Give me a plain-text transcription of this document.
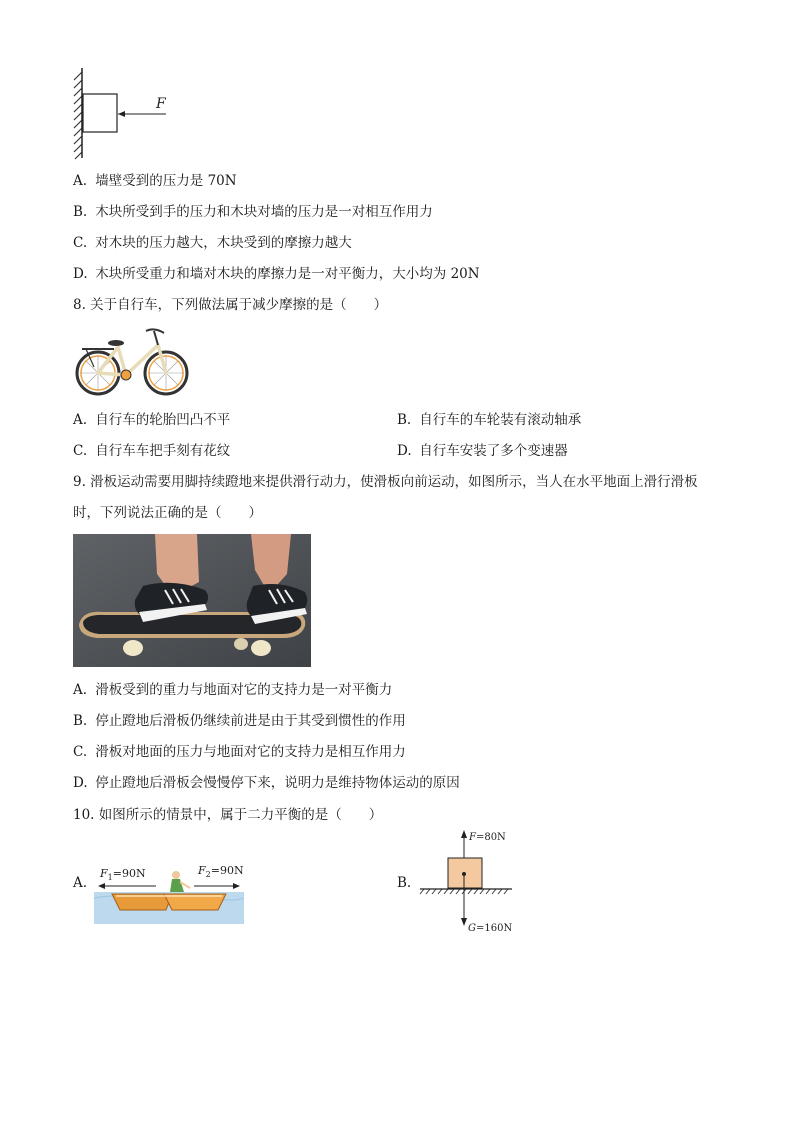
F
A. 墙壁受到的压力是 70N
B. 木块所受到手的压力和木块对墙的压力是一对相互作用力
C. 对木块的压力越大，木块受到的摩擦力越大
D. 木块所受重力和墙对木块的摩擦力是一对平衡力，大小均为 20N
8. 关于自行车，下列做法属于减少摩擦的是（　　）
A. 自行车的轮胎凹凸不平	B. 自行车的车轮装有滚动轴承
C. 自行车车把手刻有花纹	D. 自行车安装了多个变速器
9. 滑板运动需要用脚持续蹬地来提供滑行动力，使滑板向前运动，如图所示，当人在水平地面上滑行滑板
时，下列说法正确的是（　　）
A. 滑板受到的重力与地面对它的支持力是一对平衡力
B. 停止蹬地后滑板仍继续前进是由于其受到惯性的作用
C. 滑板对地面的压力与地面对它的支持力是相互作用力
D. 停止蹬地后滑板会慢慢停下来，说明力是维持物体运动的原因
10. 如图所示的情景中，属于二力平衡的是（　　）
A.
$F_1=90N$	$F_2=90N$
B.
F=80N
G=160N
